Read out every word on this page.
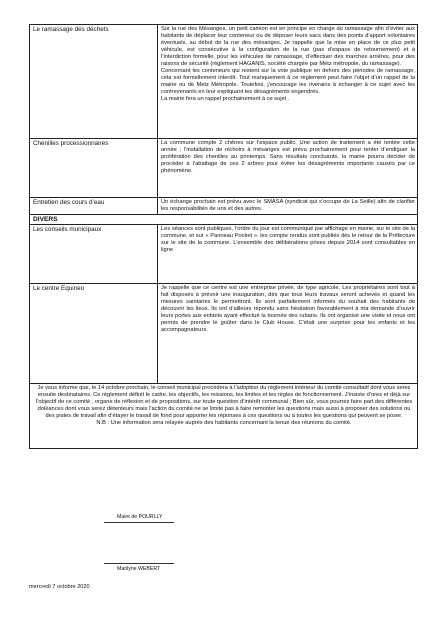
Le ramassage des déchets	Sur la rue des Mésanges, un petit camion est en principe en charge du ramassage afin d’éviter aux habitants de déplacer leur conteneur ou de déposer leurs sacs dans des points d’apport volontaires éventuels, au début de la rue des mésanges. Je rappelle que la mise en place de ce plus petit véhicule, est consécutive à la configuration de la rue (pas d’espace de retournement) et à l’interdiction formelle, pour les véhicules de ramassage, d’effectuer des marches arrières, pour des raisons de sécurité (règlement HAGANIS, société chargée par Metz métropole, du ramassage).
Concernant les conteneurs qui restent sur la voie publique en dehors des périodes de ramassage, cela est formellement interdit. Tout manquement à ce règlement peut faire l’objet d’un rappel de la mairie ou de Metz Métropole. Toutefois, j’encourage les riverains à échanger à ce sujet avec les contrevenants en leur expliquant les désagréments engendrés.
La mairie fera un rappel prochainement à ce sujet .

Chenilles processionnaires	La commune compte 2 chênes sur l’espace public. Une action de traitement a été tentée cette année ; l’installation de nichoirs à mésanges est prévu prochainement pour tenter d’endiguer la prolifération des chenilles au printemps. Sans résultats concluants, la mairie pourra décider de procéder à l’abattage de ces 2 arbres pour éviter les désagréments importants causés par ce phénomène.

Entretien des cours d’eau	Un échange prochain est prévu avec le SMASA (syndicat qui s’occupe de La Seille) afin de clarifier les responsabilités de uns et des autres.

DIVERS	
Les conseils municipaux	Les séances sont publiques, l’ordre du jour est communiqué par affichage en mairie, sur le site de la commune, et sur « Panneau Pocket ». les compte rendus sont publiés dès le retour de la Préfecture sur le site de la commune. L’ensemble des délibérations prises depuis 2014 sont consultables en ligne

Le centre Equineo	Je rappelle que ce centre est une entreprise privée, de type agricole. Les propriétaires sont tout à fait disposés à prévoir une inauguration, dès que tous leurs travaux seront achevés et quand les mesures sanitaires le permettront. Ils sont parfaitement informés du souhait des habitants de découvrir les lieux. Ils ont d’ailleurs répondu sans hésitation favorablement à ma demande d’ouvrir leurs portes aux enfants ayant effectué la tournée des rubans. Ils ont organisé une visite et nous ont permis de prendre le goûter dans le Club House. C’était une surprise pour les enfants et les accompagnateurs.

Je vous informe que, le 14 octobre prochain, le conseil municipal procèdera à l’adoption du règlement intérieur du comité consultatif dont vous serez ensuite destinataires. Ce règlement définit le cadre, les objectifs, les missions, les limites et les règles de fonctionnement. J’insiste d’ores et déjà sur l’objectif de ce comité , organe de réflexion et de propositions, sur toute question d’intérêt communal ; Bien sûr, vous pourrez faire part des différentes doléances dont vous serez détenteurs mais l’action du comité ne se limite pas à faire remonter les questions mais aussi à proposer des solutions ou des pistes de travail afin d’étayer le travail de fond pour apporter les réponses à ces questions ou à toutes les questions qui peuvent se poser.
N.B : Une information sera relayée auprès des habitants concernant la tenue des réunions du comité.	
Maire de POURLLY
Marilyne WEBERT
mercredi 7 octobre 2020
